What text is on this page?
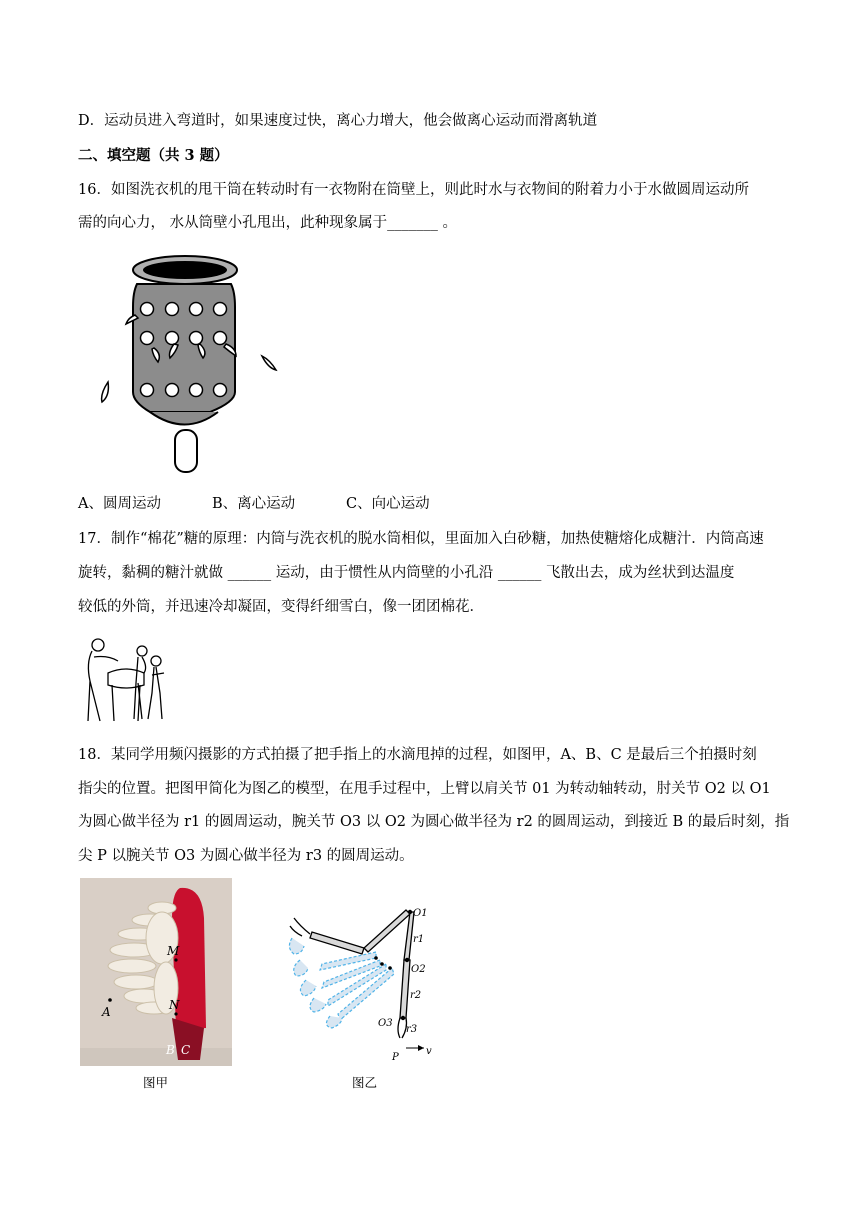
D．运动员进入弯道时，如果速度过快，离心力增大，他会做离心运动而滑离轨道
二、填空题（共 3 题）
16．如图洗衣机的甩干筒在转动时有一衣物附在筒壁上，则此时水与衣物间的附着力小于水做圆周运动所
需的向心力， 水从筒壁小孔甩出，此种现象属于_______ 。
A、圆周运动	B、离心运动	C、向心运动
17．制作“棉花”糖的原理：内筒与洗衣机的脱水筒相似，里面加入白砂糖，加热使糖熔化成糖汁．内筒高速
旋转，黏稠的糖汁就做 ______ 运动，由于惯性从内筒壁的小孔沿 ______ 飞散出去，成为丝状到达温度
较低的外筒，并迅速冷却凝固，变得纤细雪白，像一团团棉花．
18．某同学用频闪摄影的方式拍摄了把手指上的水滴甩掉的过程，如图甲，A、B、C 是最后三个拍摄时刻
指尖的位置。把图甲简化为图乙的模型，在甩手过程中，上臂以肩关节 01 为转动轴转动，肘关节 O2 以 O1
为圆心做半径为 r1 的圆周运动，腕关节 O3 以 O2 为圆心做半径为 r2 的圆周运动，到接近 B 的最后时刻，指
尖 P 以腕关节 O3 为圆心做半径为 r3 的圆周运动。
M
N
A
B C
图甲
O1
r1
O2
r2
O3
r3
P
v
图乙
